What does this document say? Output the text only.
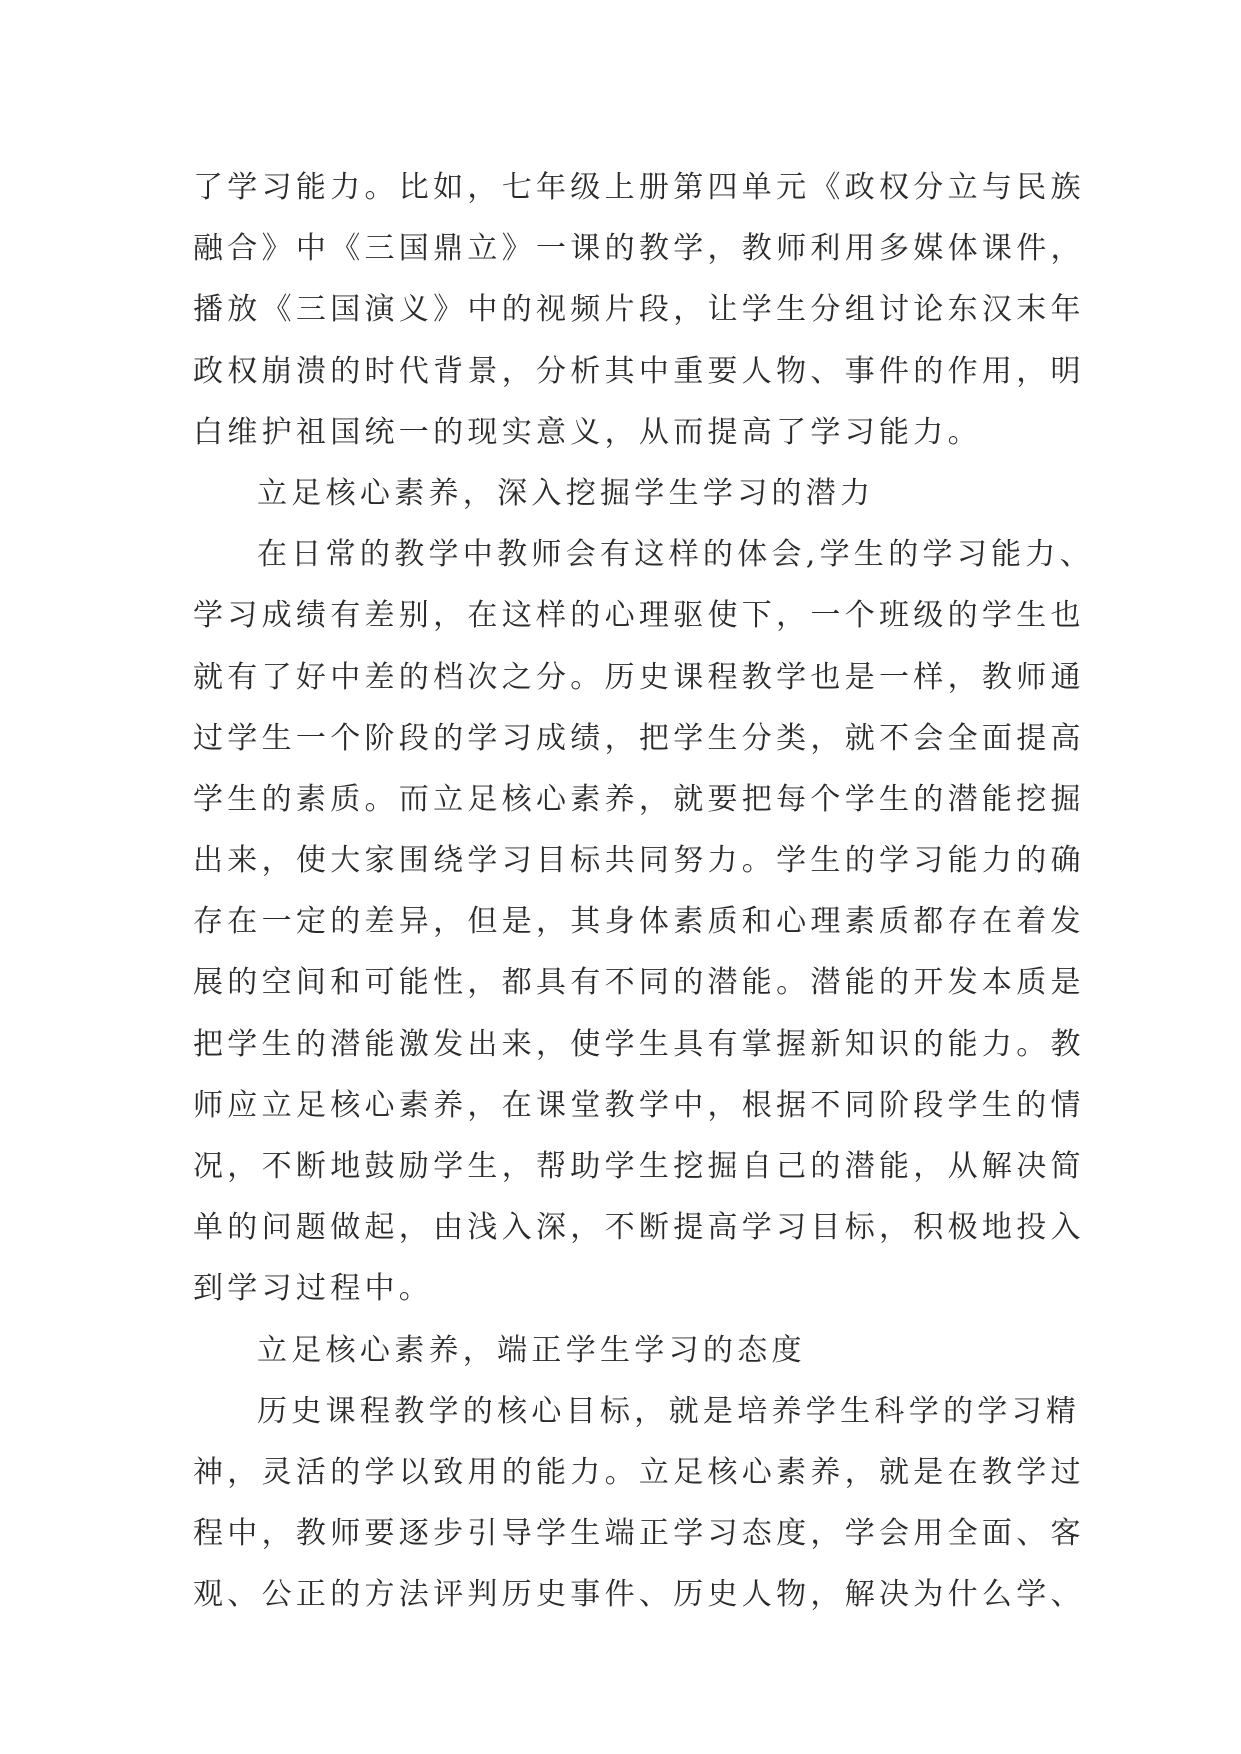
了学习能力。比如，七年级上册第四单元《政权分立与民族
融合》中《三国鼎立》一课的教学，教师利用多媒体课件，
播放《三国演义》中的视频片段，让学生分组讨论东汉末年
政权崩溃的时代背景，分析其中重要人物、事件的作用，明
白维护祖国统一的现实意义，从而提高了学习能力。
立足核心素养，深入挖掘学生学习的潜力
在日常的教学中教师会有这样的体会,学生的学习能力、
学习成绩有差别，在这样的心理驱使下，一个班级的学生也
就有了好中差的档次之分。历史课程教学也是一样，教师通
过学生一个阶段的学习成绩，把学生分类，就不会全面提高
学生的素质。而立足核心素养，就要把每个学生的潜能挖掘
出来，使大家围绕学习目标共同努力。学生的学习能力的确
存在一定的差异，但是，其身体素质和心理素质都存在着发
展的空间和可能性，都具有不同的潜能。潜能的开发本质是
把学生的潜能激发出来，使学生具有掌握新知识的能力。教
师应立足核心素养，在课堂教学中，根据不同阶段学生的情
况，不断地鼓励学生，帮助学生挖掘自己的潜能，从解决简
单的问题做起，由浅入深，不断提高学习目标，积极地投入
到学习过程中。
立足核心素养，端正学生学习的态度
历史课程教学的核心目标，就是培养学生科学的学习精
神，灵活的学以致用的能力。立足核心素养，就是在教学过
程中，教师要逐步引导学生端正学习态度，学会用全面、客
观、公正的方法评判历史事件、历史人物，解决为什么学、
